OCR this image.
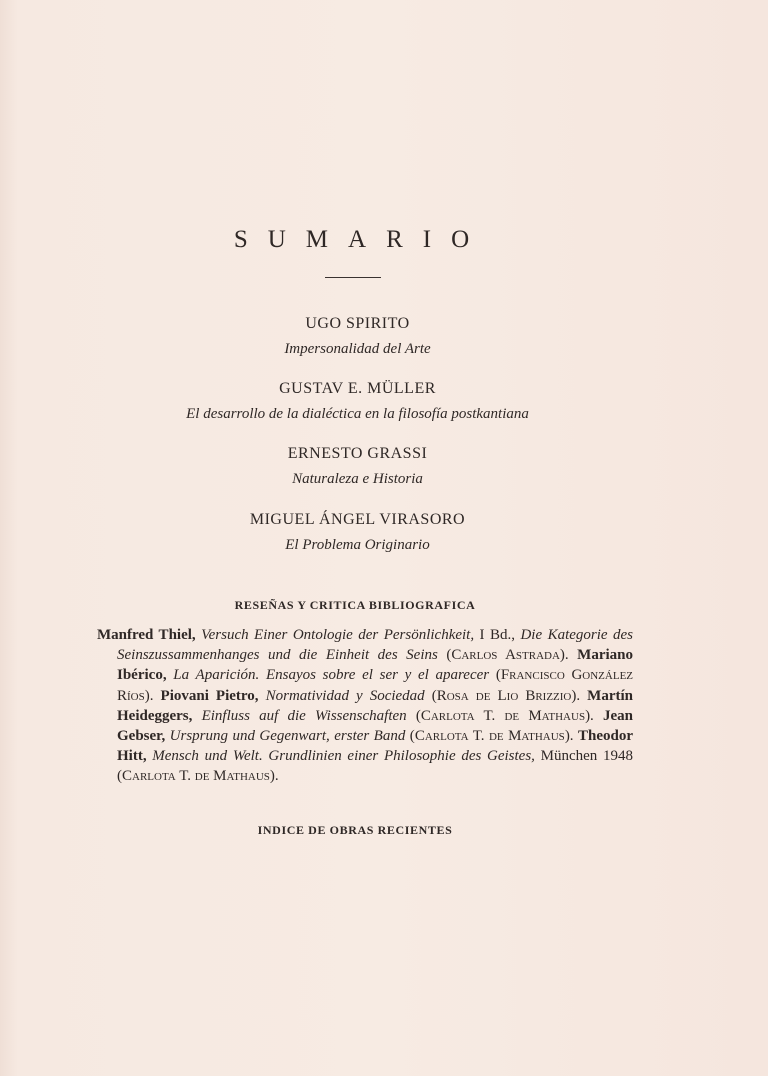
SUMARIO
UGO SPIRITO
Impersonalidad del Arte
GUSTAV E. MÜLLER
El desarrollo de la dialéctica en la filosofía postkantiana
ERNESTO GRASSI
Naturaleza e Historia
MIGUEL ÁNGEL VIRASORO
El Problema Originario
RESEÑAS Y CRITICA BIBLIOGRAFICA
Manfred Thiel, Versuch Einer Ontologie der Persönlichkeit, I Bd., Die Kategorie des Seinszussammenhanges und die Einheit des Seins (Carlos Astrada). Mariano Ibérico, La Aparición. Ensayos sobre el ser y el aparecer (Francisco González Ríos). Piovani Pietro, Normatividad y Sociedad (Rosa de Lio Brizzio). Martín Heideggers, Einfluss auf die Wissenschaften (Carlota T. de Mathaus). Jean Gebser, Ursprung und Gegenwart, erster Band (Carlota T. de Mathaus). Theodor Hitt, Mensch und Welt. Grundlinien einer Philosophie des Geistes, München 1948 (Carlota T. de Mathaus).
INDICE DE OBRAS RECIENTES
